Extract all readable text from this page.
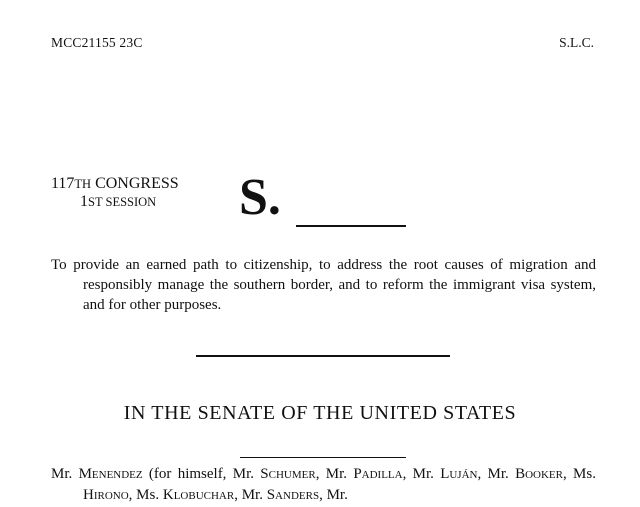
MCC21155 23C	S.L.C.
117TH CONGRESS
1ST SESSION S.
To provide an earned path to citizenship, to address the root causes of migration and responsibly manage the southern border, and to reform the immigrant visa system, and for other purposes.
IN THE SENATE OF THE UNITED STATES
Mr. Menendez (for himself, Mr. Schumer, Mr. Padilla, Mr. Luján, Mr. Booker, Ms. Hirono, Ms. Klobuchar, Mr. Sanders, Mr.
